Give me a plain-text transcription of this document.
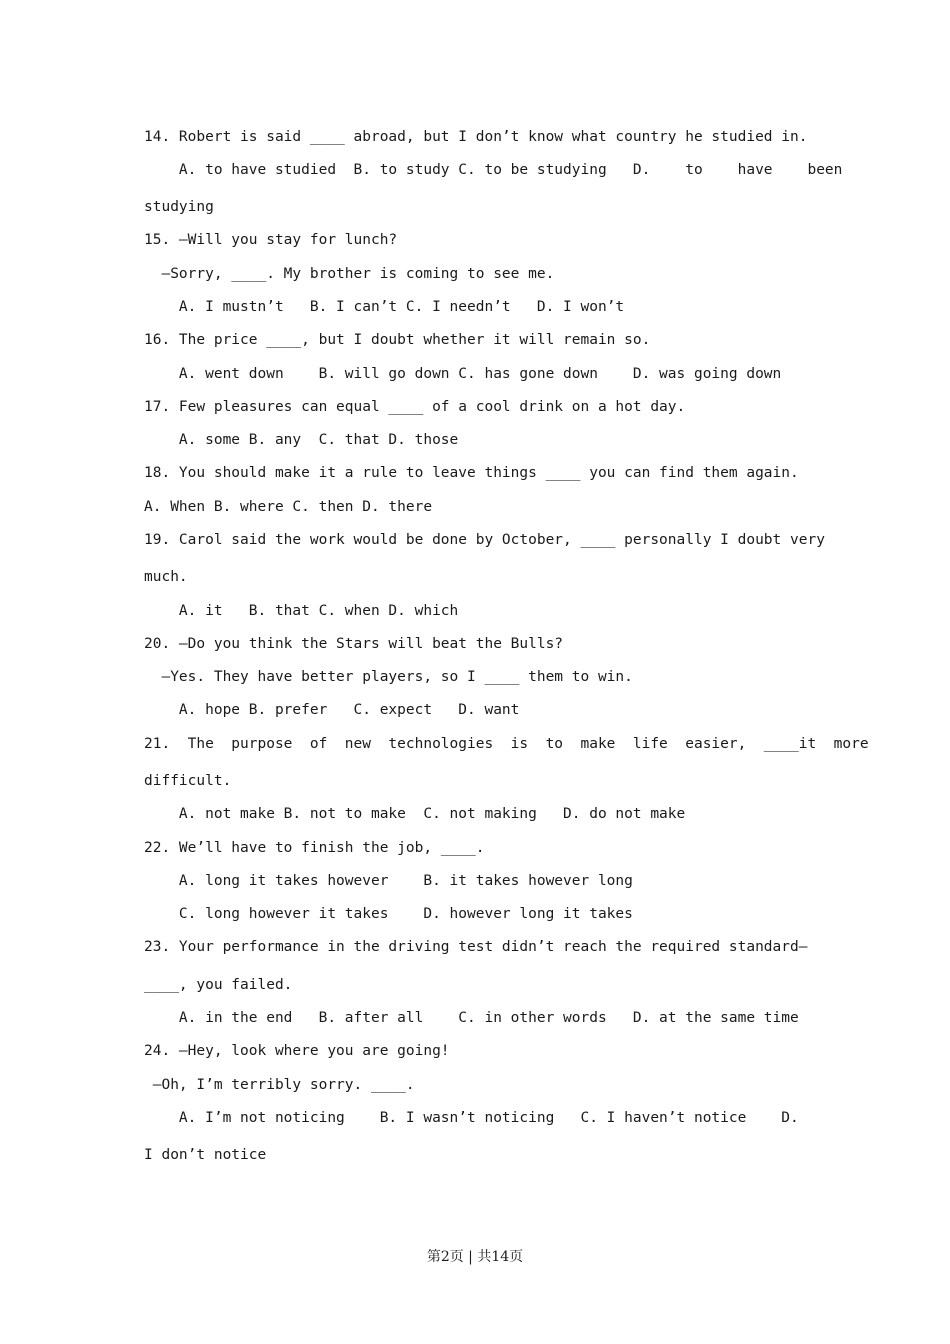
14. Robert is said ____ abroad, but I don’t know what country he studied in.
A. to have studied  B. to study C. to be studying   D.    to    have    been
studying
15. —Will you stay for lunch?
—Sorry, ____. My brother is coming to see me.
A. I mustn’t   B. I can’t C. I needn’t   D. I won’t
16. The price ____, but I doubt whether it will remain so.
A. went down    B. will go down C. has gone down    D. was going down
17. Few pleasures can equal ____ of a cool drink on a hot day.
A. some B. any  C. that D. those
18. You should make it a rule to leave things ____ you can find them again.
A. When B. where C. then D. there
19. Carol said the work would be done by October, ____ personally I doubt very
much.
A. it   B. that C. when D. which
20. —Do you think the Stars will beat the Bulls?
—Yes. They have better players, so I ____ them to win.
A. hope B. prefer   C. expect   D. want
21.  The  purpose  of  new  technologies  is  to  make  life  easier,  ____it  more
difficult.
A. not make B. not to make  C. not making   D. do not make
22. We’ll have to finish the job, ____.
A. long it takes however    B. it takes however long
C. long however it takes    D. however long it takes
23. Your performance in the driving test didn’t reach the required standard—
____, you failed.
A. in the end   B. after all    C. in other words   D. at the same time
24. —Hey, look where you are going!
—Oh, I’m terribly sorry. ____.
A. I’m not noticing    B. I wasn’t noticing   C. I haven’t notice    D.
I don’t notice
第2页 | 共14页
